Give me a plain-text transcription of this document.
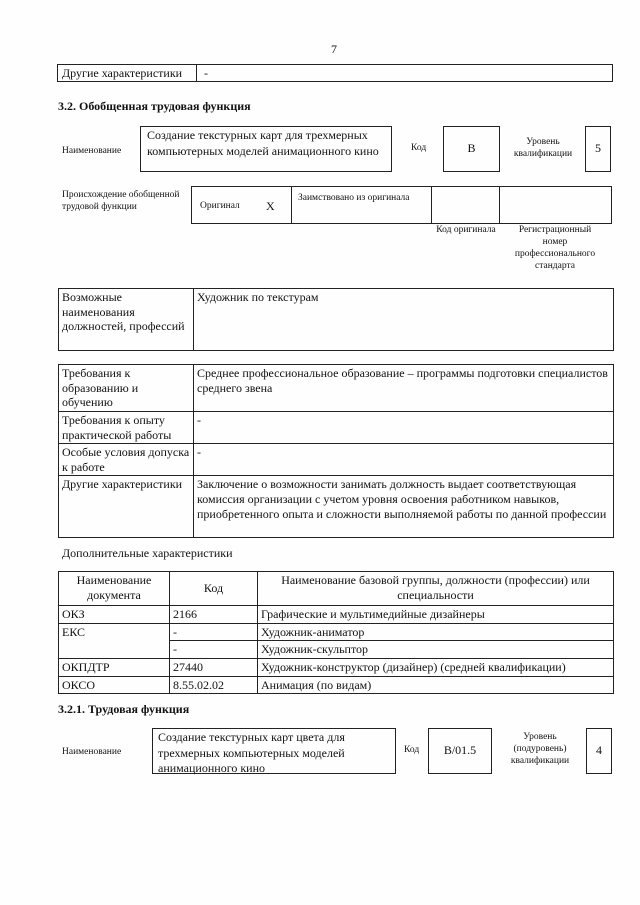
7
Другие характеристики -
3.2. Обобщенная трудовая функция
Наименование
Создание текстурных карт для трехмерных компьютерных моделей анимационного кино	Код	B	Уровень квалификации	5
Происхождение обобщенной трудовой функции	Оригинал X
Заимствовано из оригинала
Код оригинала	Регистрационный номер профессионального стандарта
Возможные наименования должностей, профессий	Художник по текстурам
Требования к образованию и обучению	Среднее профессиональное образование – программы подготовки специалистов среднего звена
Требования к опыту практической работы	-
Особые условия допуска к работе	-
Другие характеристики	Заключение о возможности занимать должность выдает соответствующая комиссия организации с учетом уровня освоения работником навыков, приобретенного опыта и сложности выполняемой работы по данной профессии
Дополнительные характеристики
Наименование документа	Код	Наименование базовой группы, должности (профессии) или специальности
ОКЗ	2166	Графические и мультимедийные дизайнеры
ЕКС	-	Художник-аниматор
	-	Художник-скульптор
ОКПДТР	27440	Художник-конструктор (дизайнер) (средней квалификации)
ОКСО	8.55.02.02	Анимация (по видам)
3.2.1. Трудовая функция
Наименование
Создание текстурных карт цвета для трехмерных компьютерных моделей анимационного кино
Код B/01.5
Уровень (подуровень) квалификации
4
